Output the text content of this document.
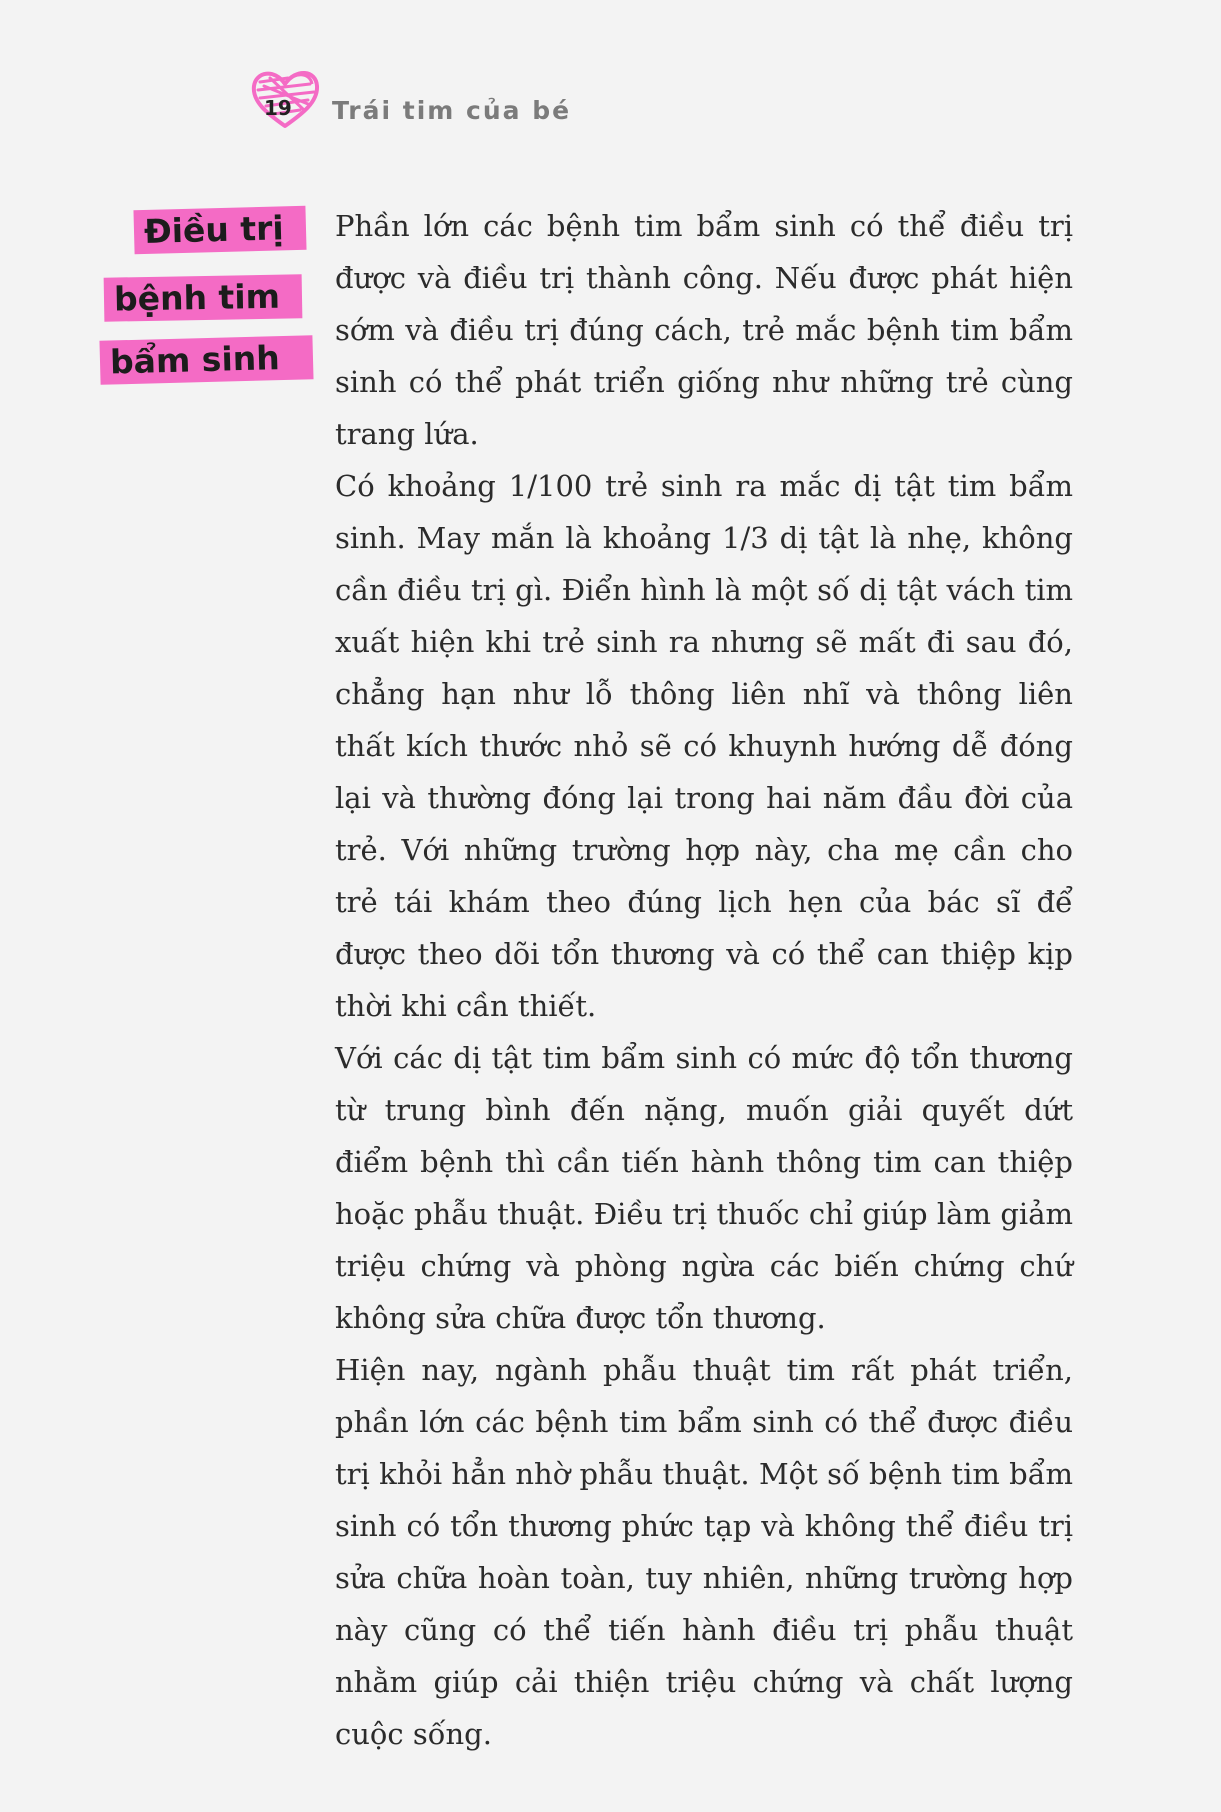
19 Trái tim của bé
Điều trị
bệnh tim
bẩm sinh

Phần lớn các bệnh tim bẩm sinh có thể điều trị được và điều trị thành công. Nếu được phát hiện sớm và điều trị đúng cách, trẻ mắc bệnh tim bẩm sinh có thể phát triển giống như những trẻ cùng trang lứa.

Có khoảng 1/100 trẻ sinh ra mắc dị tật tim bẩm sinh. May mắn là khoảng 1/3 dị tật là nhẹ, không cần điều trị gì. Điển hình là một số dị tật vách tim xuất hiện khi trẻ sinh ra nhưng sẽ mất đi sau đó, chẳng hạn như lỗ thông liên nhĩ và thông liên thất kích thước nhỏ sẽ có khuynh hướng dễ đóng lại và thường đóng lại trong hai năm đầu đời của trẻ. Với những trường hợp này, cha mẹ cần cho trẻ tái khám theo đúng lịch hẹn của bác sĩ để được theo dõi tổn thương và có thể can thiệp kịp thời khi cần thiết.

Với các dị tật tim bẩm sinh có mức độ tổn thương từ trung bình đến nặng, muốn giải quyết dứt điểm bệnh thì cần tiến hành thông tim can thiệp hoặc phẫu thuật. Điều trị thuốc chỉ giúp làm giảm triệu chứng và phòng ngừa các biến chứng chứ không sửa chữa được tổn thương.

Hiện nay, ngành phẫu thuật tim rất phát triển, phần lớn các bệnh tim bẩm sinh có thể được điều trị khỏi hẳn nhờ phẫu thuật. Một số bệnh tim bẩm sinh có tổn thương phức tạp và không thể điều trị sửa chữa hoàn toàn, tuy nhiên, những trường hợp này cũng có thể tiến hành điều trị phẫu thuật nhằm giúp cải thiện triệu chứng và chất lượng cuộc sống.
